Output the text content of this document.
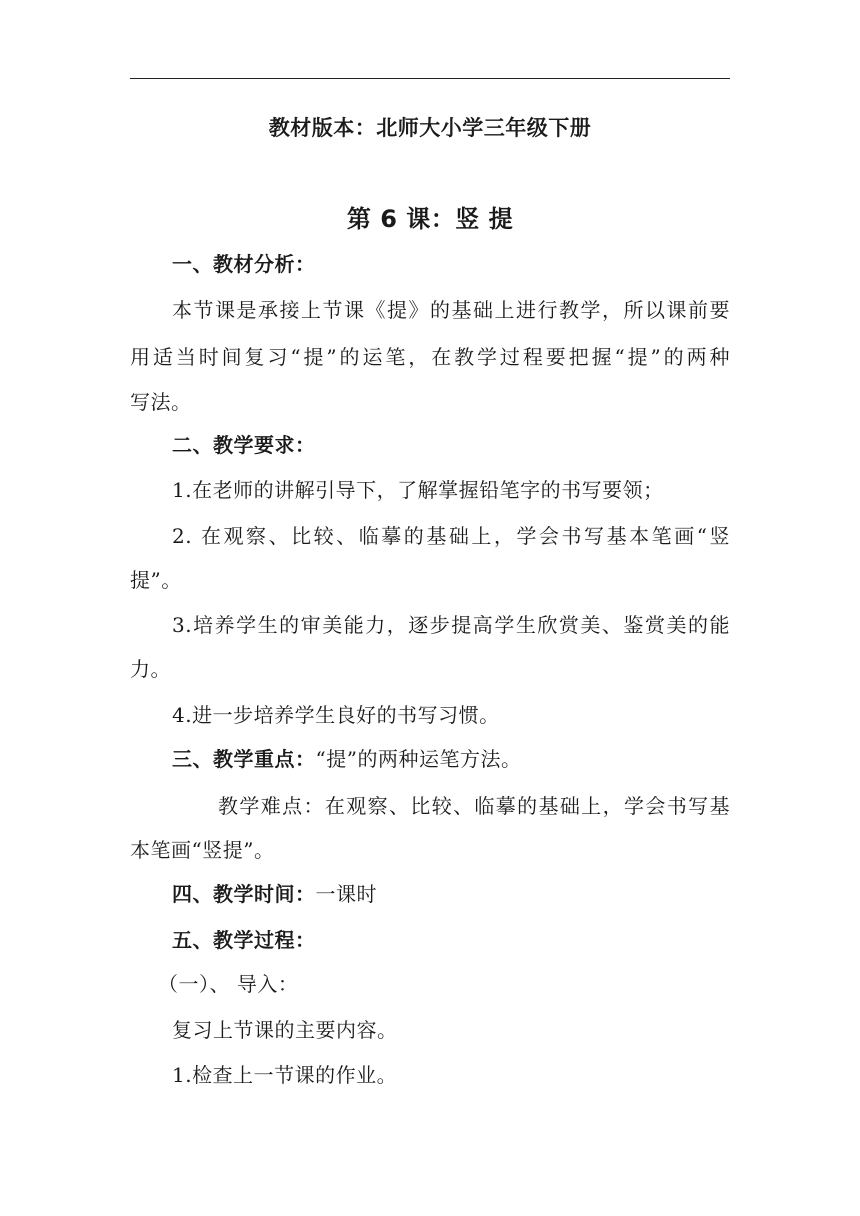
教材版本：北师大小学三年级下册
第 6 课：竖 提
一、教材分析：
本节课是承接上节课《提》的基础上进行教学，所以课前要
用适当时间复习“提”的运笔，在教学过程要把握“提”的两种
写法。
二、教学要求：
1.在老师的讲解引导下，了解掌握铅笔字的书写要领；
2. 在观察、比较、临摹的基础上，学会书写基本笔画“竖
提”。
3.培养学生的审美能力，逐步提高学生欣赏美、鉴赏美的能
力。
4.进一步培养学生良好的书写习惯。
三、教学重点：“提”的两种运笔方法。
教学难点：在观察、比较、临摹的基础上，学会书写基
本笔画“竖提”。
四、教学时间：一课时
五、教学过程：
（一）、 导入：
复习上节课的主要内容。
1.检查上一节课的作业。
